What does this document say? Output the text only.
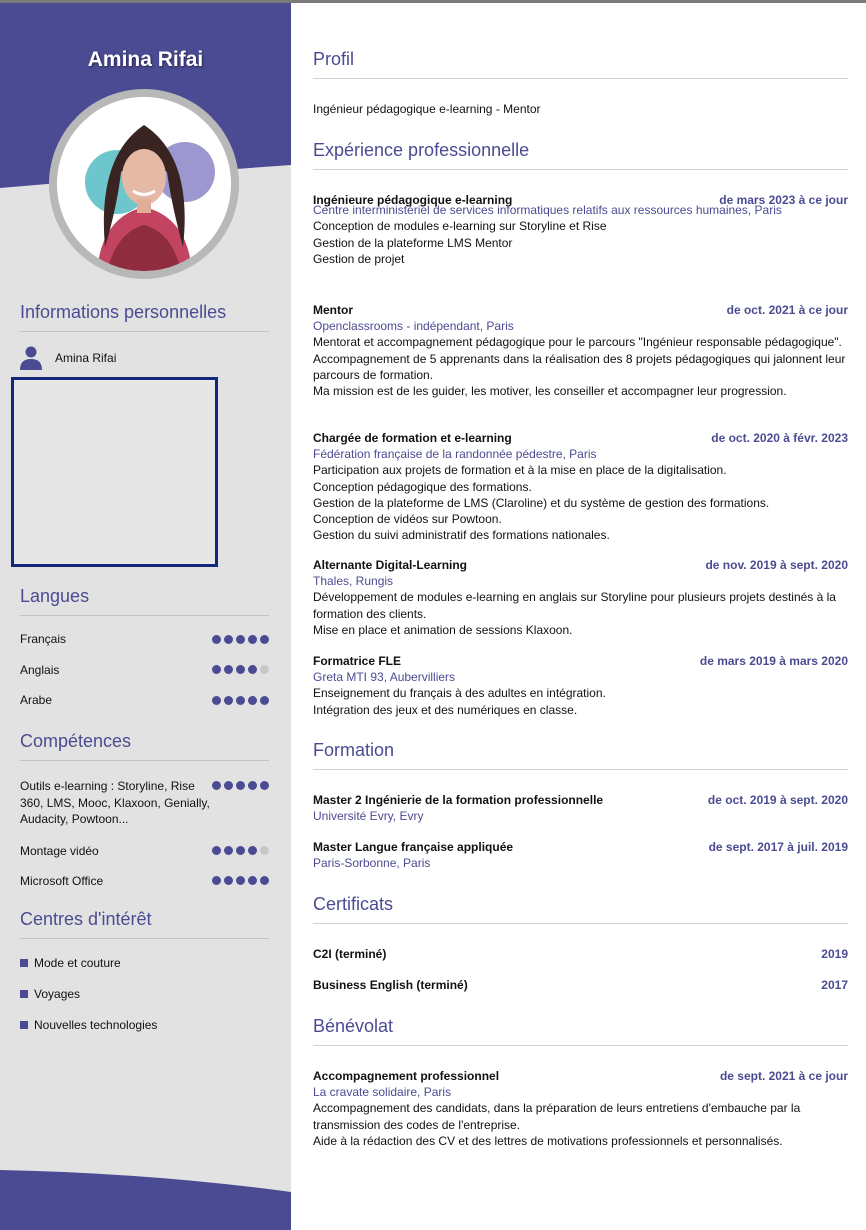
Amina Rifai
Informations personnelles
Amina Rifai
Langues
Français
Anglais
Arabe
Compétences
Outils e-learning : Storyline, Rise 360, LMS, Mooc, Klaxoon, Genially, Audacity, Powtoon...
Montage vidéo
Microsoft Office
Centres d'intérêt
Mode et couture
Voyages
Nouvelles technologies
Profil
Ingénieur pédagogique e-learning - Mentor
Expérience professionnelle
Ingénieure pédagogique e-learning	de mars 2023 à ce jour
Centre interministériel de services informatiques relatifs aux ressources humaines, Paris
Conception de modules e-learning sur Storyline et Rise
Gestion de la plateforme LMS Mentor
Gestion de projet
Mentor	de oct. 2021 à ce jour
Openclassrooms - indépendant, Paris
Mentorat et accompagnement pédagogique pour le parcours "Ingénieur responsable pédagogique".
Accompagnement de 5 apprenants dans la réalisation des 8 projets pédagogiques qui jalonnent leur parcours de formation.
Ma mission est de les guider, les motiver, les conseiller et accompagner leur progression.
Chargée de formation et e-learning	de oct. 2020 à févr. 2023
Fédération française de la randonnée pédestre, Paris
Participation aux projets de formation et à la mise en place de la digitalisation.
Conception pédagogique des formations.
Gestion de la plateforme de LMS (Claroline) et du système de gestion des formations.
Conception de vidéos sur Powtoon.
Gestion du suivi administratif des formations nationales.
Alternante Digital-Learning	de nov. 2019 à sept. 2020
Thales, Rungis
Développement de modules e-learning en anglais sur Storyline pour plusieurs projets destinés à la formation des clients.
Mise en place et animation de sessions Klaxoon.
Formatrice FLE	de mars 2019 à mars 2020
Greta MTI 93, Aubervilliers
Enseignement du français à des adultes en intégration.
Intégration des jeux et des numériques en classe.
Formation
Master 2 Ingénierie de la formation professionnelle	de oct. 2019 à sept. 2020
Université Evry, Evry
Master Langue française appliquée	de sept. 2017 à juil. 2019
Paris-Sorbonne, Paris
Certificats
C2I (terminé)	2019
Business English (terminé)	2017
Bénévolat
Accompagnement professionnel	de sept. 2021 à ce jour
La cravate solidaire, Paris
Accompagnement des candidats, dans la préparation de leurs entretiens d'embauche par la transmission des codes de l'entreprise.
Aide à la rédaction des CV et des lettres de motivations professionnels et personnalisés.
